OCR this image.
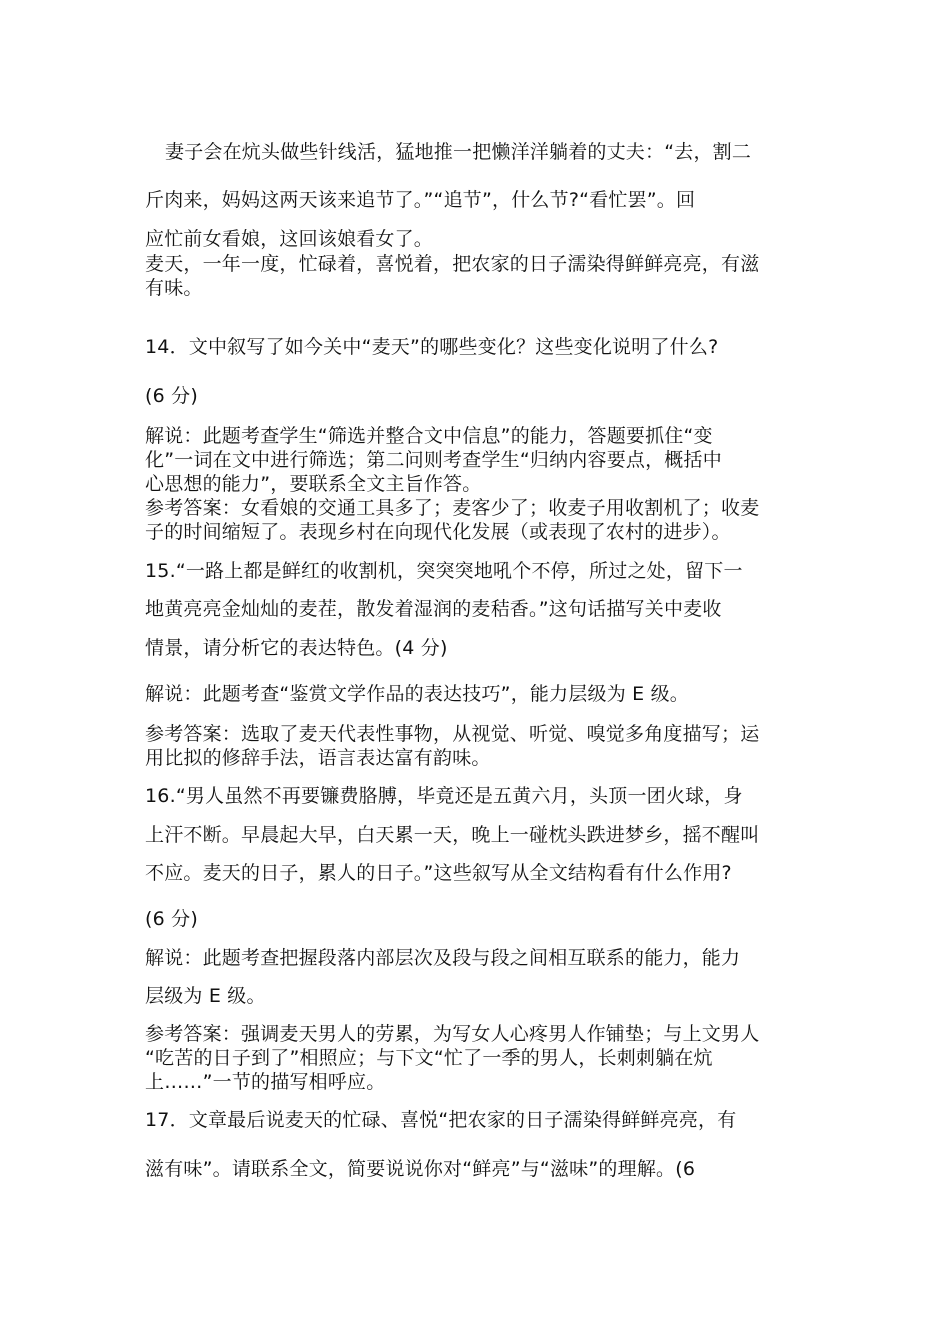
妻子会在炕头做些针线活，猛地推一把懒洋洋躺着的丈夫：“去，割二
斤肉来，妈妈这两天该来追节了。”“追节”，什么节?“看忙罢”。回
应忙前女看娘，这回该娘看女了。
麦天，一年一度，忙碌着，喜悦着，把农家的日子濡染得鲜鲜亮亮，有滋
有味。
14．文中叙写了如今关中“麦天”的哪些变化？这些变化说明了什么?
(6 分)
解说：此题考查学生“筛选并整合文中信息”的能力，答题要抓住“变
化”一词在文中进行筛选；第二问则考查学生“归纳内容要点，概括中
心思想的能力”，要联系全文主旨作答。
参考答案：女看娘的交通工具多了；麦客少了；收麦子用收割机了；收麦
子的时间缩短了。表现乡村在向现代化发展（或表现了农村的进步）。
15.“一路上都是鲜红的收割机，突突突地吼个不停，所过之处，留下一
地黄亮亮金灿灿的麦茬，散发着湿润的麦秸香。”这句话描写关中麦收
情景，请分析它的表达特色。(4 分)
解说：此题考查“鉴赏文学作品的表达技巧”，能力层级为 E 级。
参考答案：选取了麦天代表性事物，从视觉、听觉、嗅觉多角度描写；运
用比拟的修辞手法，语言表达富有韵味。
16.“男人虽然不再要镰费胳膊，毕竟还是五黄六月，头顶一团火球，身
上汗不断。早晨起大早，白天累一天，晚上一碰枕头跌进梦乡，摇不醒叫
不应。麦天的日子，累人的日子。”这些叙写从全文结构看有什么作用?
(6 分)
解说：此题考查把握段落内部层次及段与段之间相互联系的能力，能力
层级为 E 级。
参考答案：强调麦天男人的劳累，为写女人心疼男人作铺垫；与上文男人
“吃苦的日子到了”相照应；与下文“忙了一季的男人，长刺刺躺在炕
上……”一节的描写相呼应。
17．文章最后说麦天的忙碌、喜悦“把农家的日子濡染得鲜鲜亮亮，有
滋有味”。请联系全文，简要说说你对“鲜亮”与“滋味”的理解。(6
